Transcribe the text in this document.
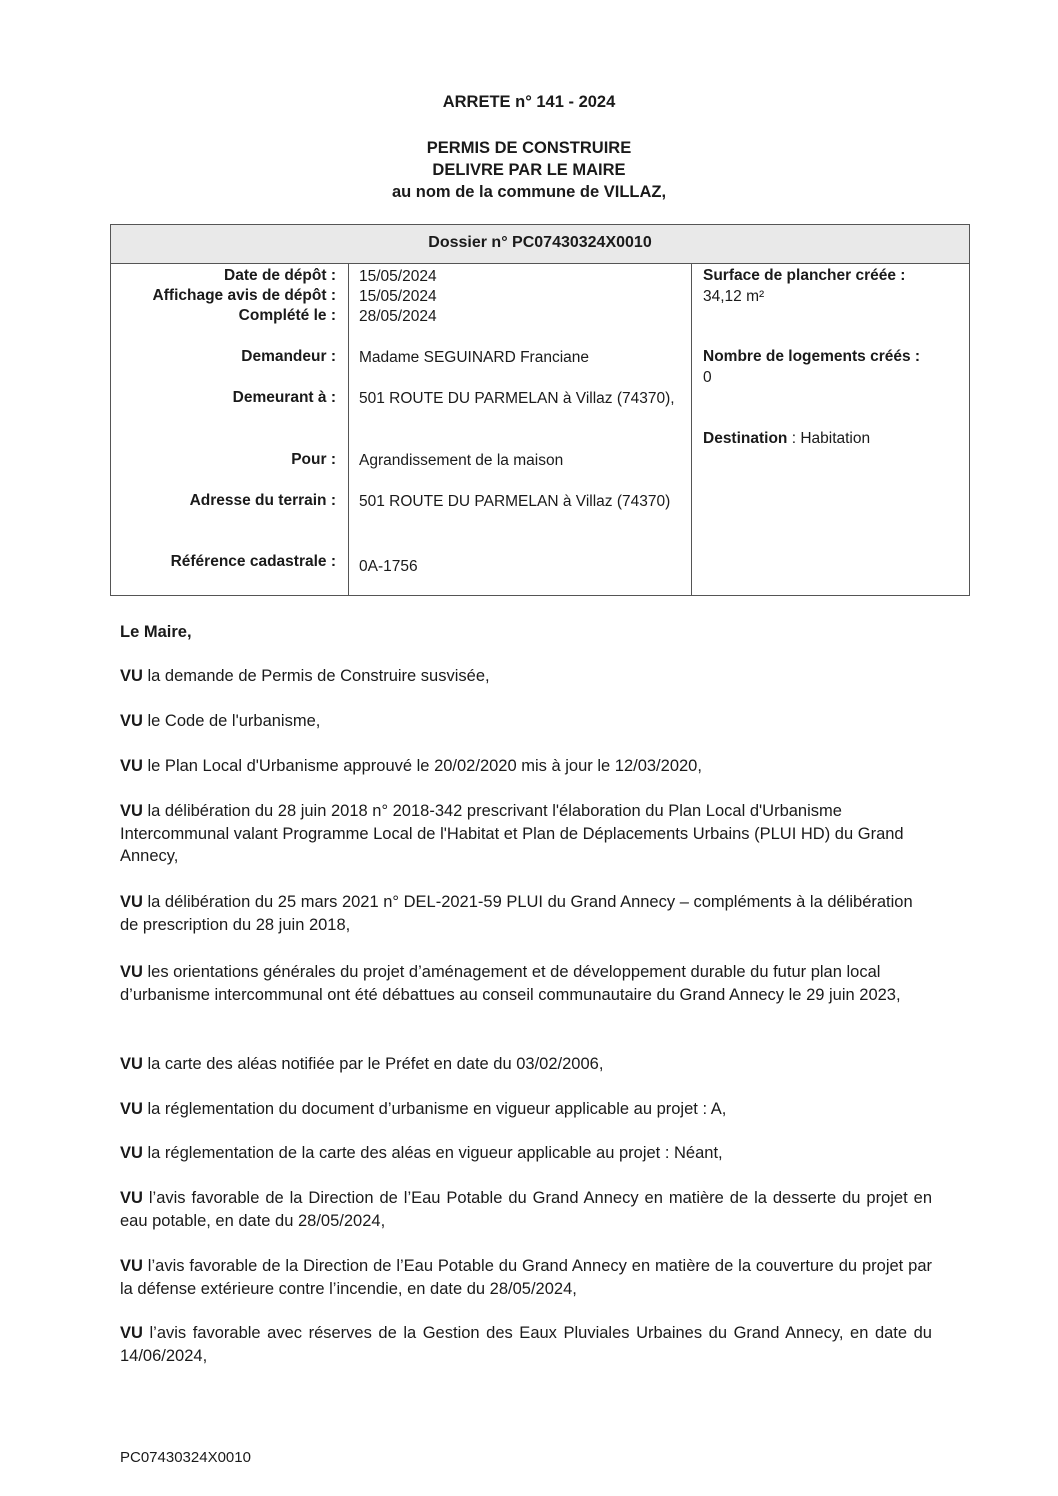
ARRETE n° 141 - 2024
PERMIS DE CONSTRUIRE
DELIVRE PAR LE MAIRE
au nom de la commune de VILLAZ,
Dossier n° PC07430324X0010
Date de dépôt :
Affichage avis de dépôt :
Complété le :
Demandeur :
Demeurant à :
Pour :
Adresse du terrain :
Référence cadastrale :
15/05/2024
15/05/2024
28/05/2024
Madame SEGUINARD Franciane
501 ROUTE DU PARMELAN à Villaz (74370),
Agrandissement de la maison
501 ROUTE DU PARMELAN à Villaz (74370)
0A-1756
Surface de plancher créée :
34,12 m²
Nombre de logements créés :
0
Destination : Habitation
Le Maire,
VU la demande de Permis de Construire susvisée,
VU le Code de l'urbanisme,
VU le Plan Local d'Urbanisme approuvé le 20/02/2020 mis à jour le 12/03/2020,
VU la délibération du 28 juin 2018 n° 2018-342 prescrivant l'élaboration du Plan Local d'Urbanisme Intercommunal valant Programme Local de l'Habitat et Plan de Déplacements Urbains (PLUI HD) du Grand Annecy,
VU la délibération du 25 mars 2021 n° DEL-2021-59 PLUI du Grand Annecy – compléments à la délibération de prescription du 28 juin 2018,
VU les orientations générales du projet d’aménagement et de développement durable du futur plan local d’urbanisme intercommunal ont été débattues au conseil communautaire du Grand Annecy le 29 juin 2023,
VU la carte des aléas notifiée par le Préfet en date du 03/02/2006,
VU la réglementation du document d’urbanisme en vigueur applicable au projet : A,
VU la réglementation de la carte des aléas en vigueur applicable au projet : Néant,
VU l’avis favorable de la Direction de l’Eau Potable du Grand Annecy en matière de la desserte du projet en eau potable, en date du 28/05/2024,
VU l’avis favorable de la Direction de l’Eau Potable du Grand Annecy en matière de la couverture du projet par la défense extérieure contre l’incendie, en date du 28/05/2024,
VU l’avis favorable avec réserves de la Gestion des Eaux Pluviales Urbaines du Grand Annecy, en date du 14/06/2024,
PC07430324X0010
